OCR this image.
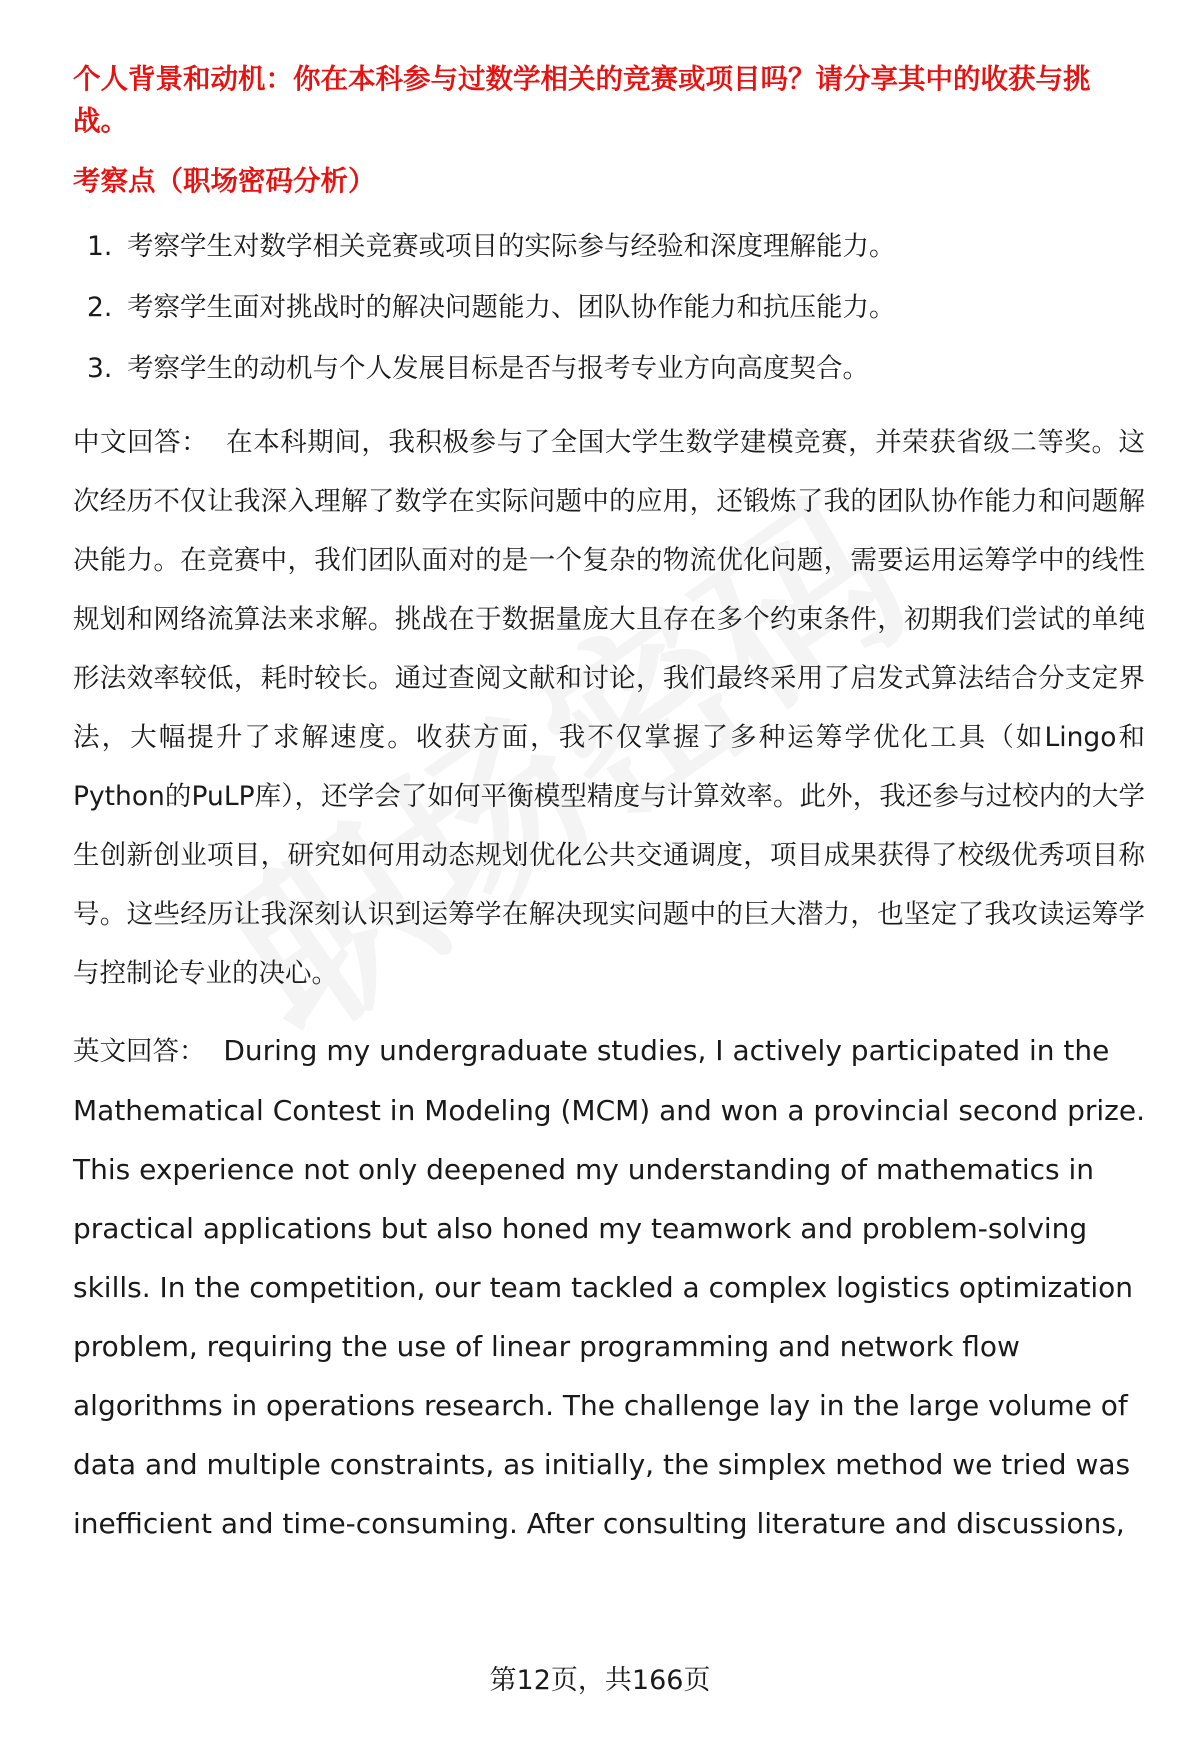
个人背景和动机：你在本科参与过数学相关的竞赛或项目吗？请分享其中的收获与挑战。

考察点（职场密码分析）

1. 考察学生对数学相关竞赛或项目的实际参与经验和深度理解能力。
2. 考察学生面对挑战时的解决问题能力、团队协作能力和抗压能力。
3. 考察学生的动机与个人发展目标是否与报考专业方向高度契合。

中文回答： 在本科期间，我积极参与了全国大学生数学建模竞赛，并荣获省级二等奖。这次经历不仅让我深入理解了数学在实际问题中的应用，还锻炼了我的团队协作能力和问题解决能力。在竞赛中，我们团队面对的是一个复杂的物流优化问题，需要运用运筹学中的线性规划和网络流算法来求解。挑战在于数据量庞大且存在多个约束条件，初期我们尝试的单纯形法效率较低，耗时较长。通过查阅文献和讨论，我们最终采用了启发式算法结合分支定界法，大幅提升了求解速度。收获方面，我不仅掌握了多种运筹学优化工具（如Lingo和Python的PuLP库），还学会了如何平衡模型精度与计算效率。此外，我还参与过校内的大学生创新创业项目，研究如何用动态规划优化公共交通调度，项目成果获得了校级优秀项目称号。这些经历让我深刻认识到运筹学在解决现实问题中的巨大潜力，也坚定了我攻读运筹学与控制论专业的决心。

英文回答： During my undergraduate studies, I actively participated in the Mathematical Contest in Modeling (MCM) and won a provincial second prize. This experience not only deepened my understanding of mathematics in practical applications but also honed my teamwork and problem-solving skills. In the competition, our team tackled a complex logistics optimization problem, requiring the use of linear programming and network flow algorithms in operations research. The challenge lay in the large volume of data and multiple constraints, as initially, the simplex method we tried was inefficient and time-consuming. After consulting literature and discussions,

第12页，共166页
